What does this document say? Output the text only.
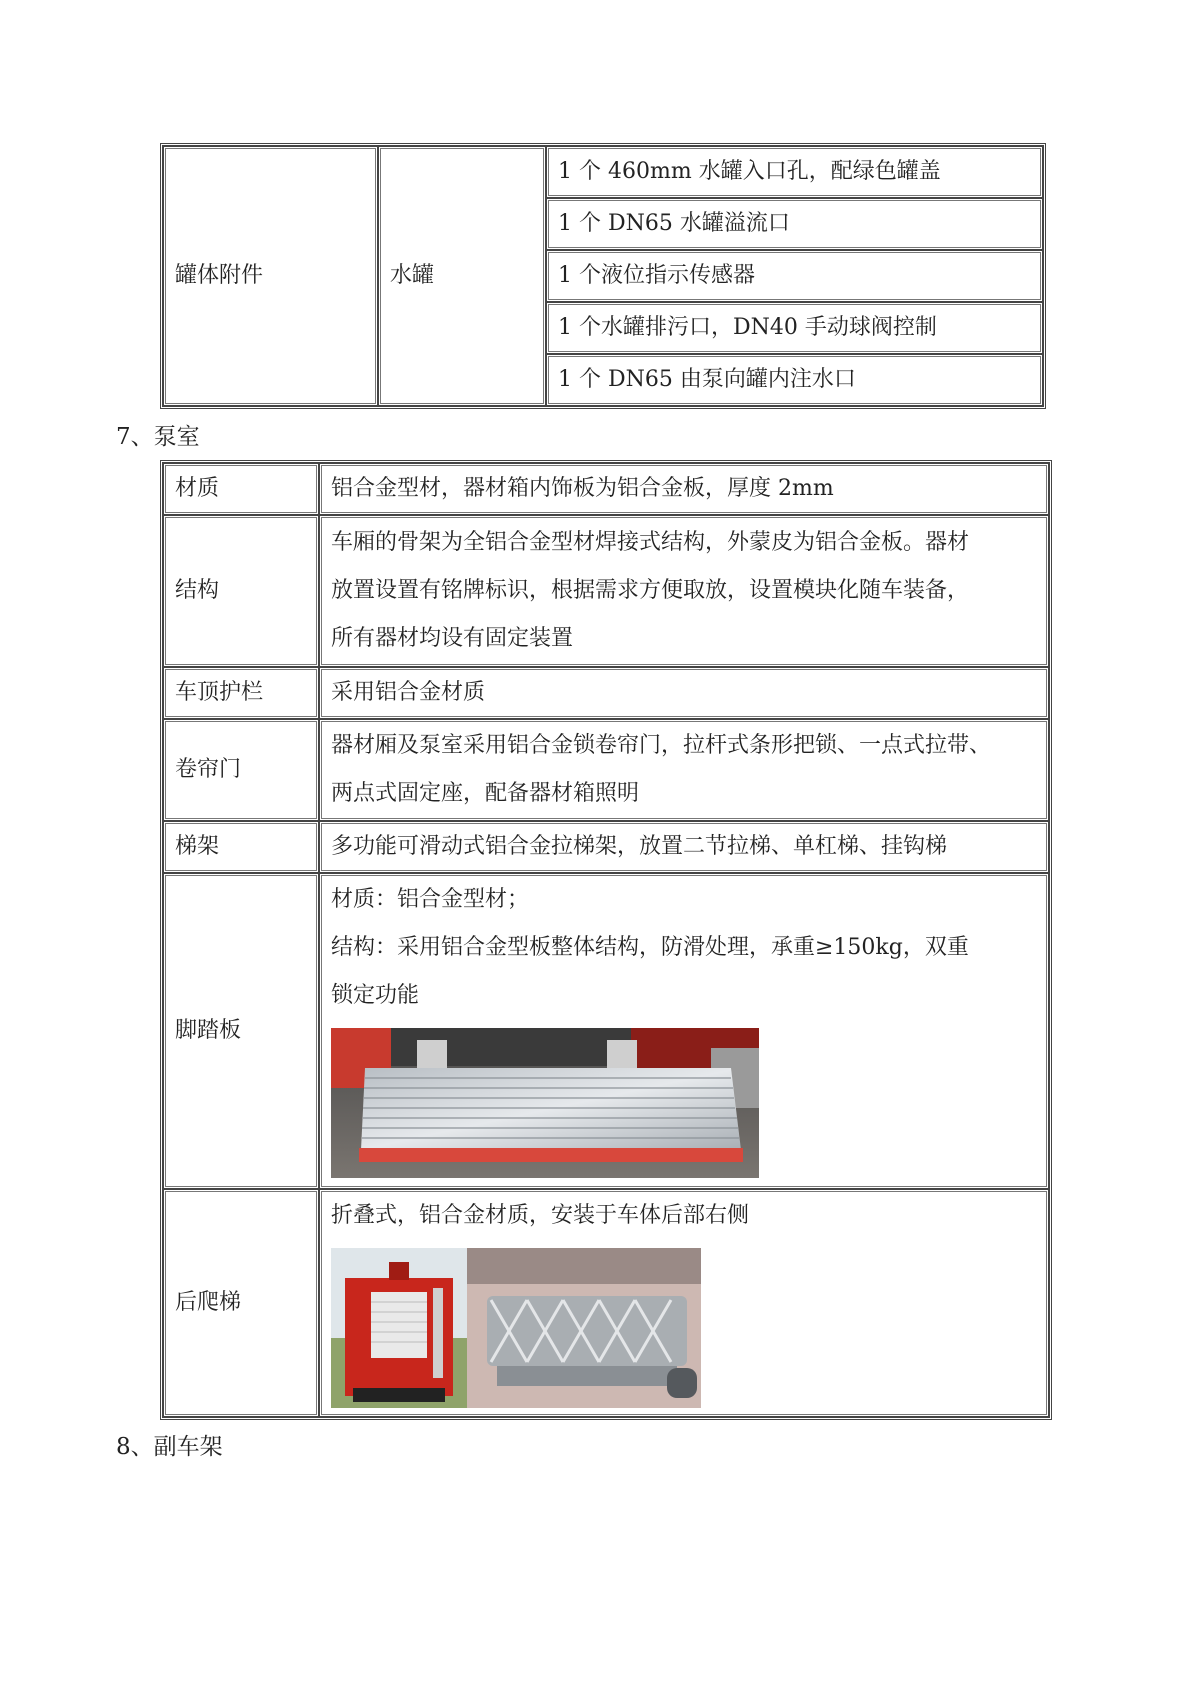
罐体附件	水罐	1 个 460mm 水罐入口孔，配绿色罐盖
1 个 DN65 水罐溢流口
1 个液位指示传感器
1 个水罐排污口，DN40 手动球阀控制
1 个 DN65 由泵向罐内注水口
7、泵室
材质	铝合金型材，器材箱内饰板为铝合金板，厚度 2mm
结构	车厢的骨架为全铝合金型材焊接式结构，外蒙皮为铝合金板。器材
放置设置有铭牌标识，根据需求方便取放，设置模块化随车装备，
所有器材均设有固定装置

车顶护栏	采用铝合金材质
卷帘门	器材厢及泵室采用铝合金锁卷帘门，拉杆式条形把锁、一点式拉带、
两点式固定座，配备器材箱照明

梯架	多功能可滑动式铝合金拉梯架，放置二节拉梯、单杠梯、挂钩梯
脚踏板	材质：铝合金型材；
结构：采用铝合金型板整体结构，防滑处理，承重≥150kg，双重
锁定功能

后爬梯	折叠式，铝合金材质，安装于车体后部右侧
8、副车架
